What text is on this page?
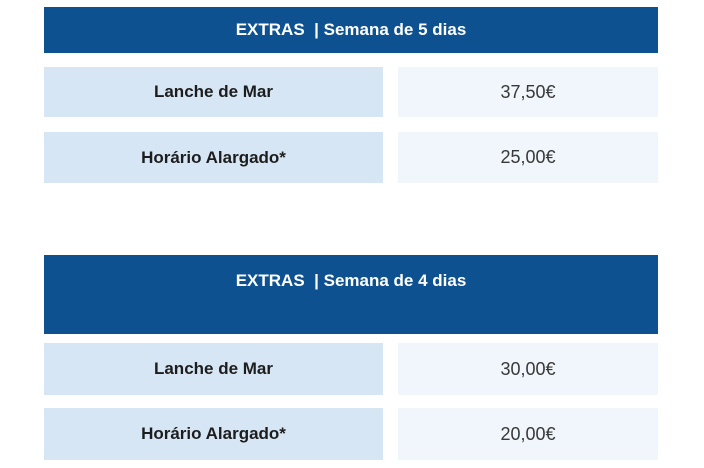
EXTRAS  | Semana de 5 dias
Lanche de Mar	37,50€
Horário Alargado*	25,00€
EXTRAS  | Semana de 4 dias
Lanche de Mar	30,00€
Horário Alargado*	20,00€
